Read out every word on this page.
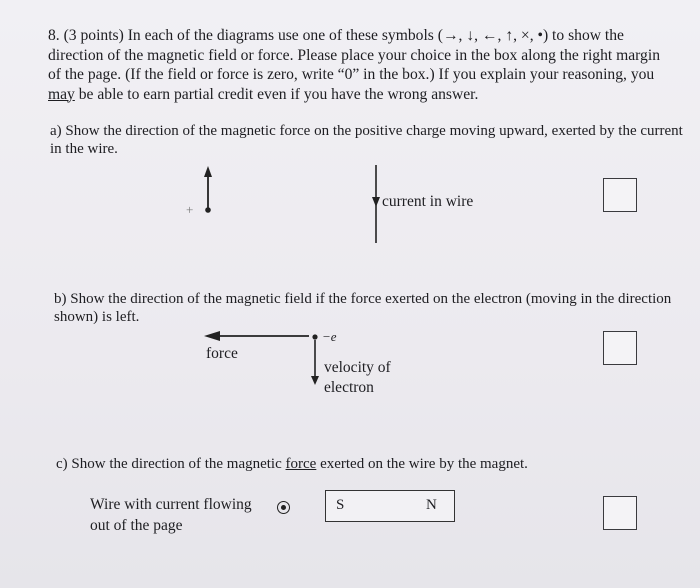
8. (3 points) In each of the diagrams use one of these symbols (→, ↓, ←, ↑, ×, •) to show the direction of the magnetic field or force. Please place your choice in the box along the right margin of the page. (If the field or force is zero, write “0” in the box.) If you explain your reasoning, you may be able to earn partial credit even if you have the wrong answer.
a) Show the direction of the magnetic force on the positive charge moving upward, exerted by the current in the wire.
+	current in wire
b) Show the direction of the magnetic field if the force exerted on the electron (moving in the direction shown) is left.
force
−e
velocity of
electron
c) Show the direction of the magnetic force exerted on the wire by the magnet.
Wire with current flowing
out of the page
S	N
